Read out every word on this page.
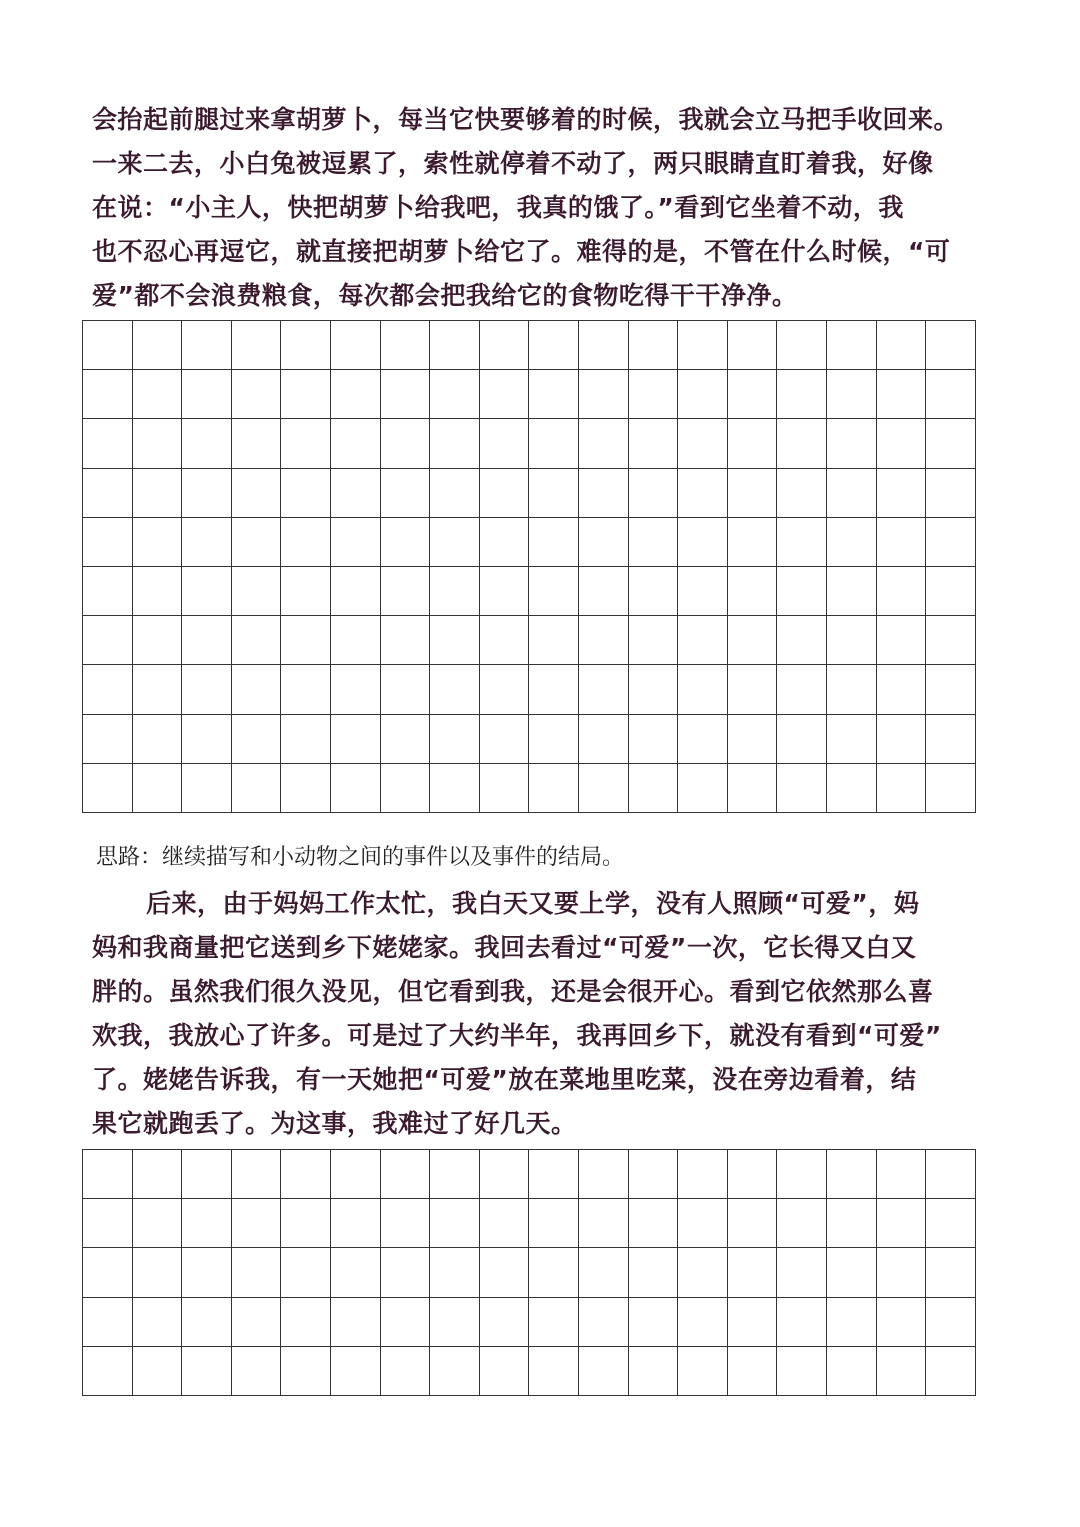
会抬起前腿过来拿胡萝卜，每当它快要够着的时候，我就会立马把手收回来。
一来二去，小白兔被逗累了，索性就停着不动了，两只眼睛直盯着我，好像
在说：“小主人，快把胡萝卜给我吧，我真的饿了。”看到它坐着不动，我
也不忍心再逗它，就直接把胡萝卜给它了。难得的是，不管在什么时候，“可
爱”都不会浪费粮食，每次都会把我给它的食物吃得干干净净。

思路：继续描写和小动物之间的事件以及事件的结局。

后来，由于妈妈工作太忙，我白天又要上学，没有人照顾“可爱”，妈
妈和我商量把它送到乡下姥姥家。我回去看过“可爱”一次，它长得又白又
胖的。虽然我们很久没见，但它看到我，还是会很开心。看到它依然那么喜
欢我，我放心了许多。可是过了大约半年，我再回乡下，就没有看到“可爱”
了。姥姥告诉我，有一天她把“可爱”放在菜地里吃菜，没在旁边看着，结
果它就跑丢了。为这事，我难过了好几天。
